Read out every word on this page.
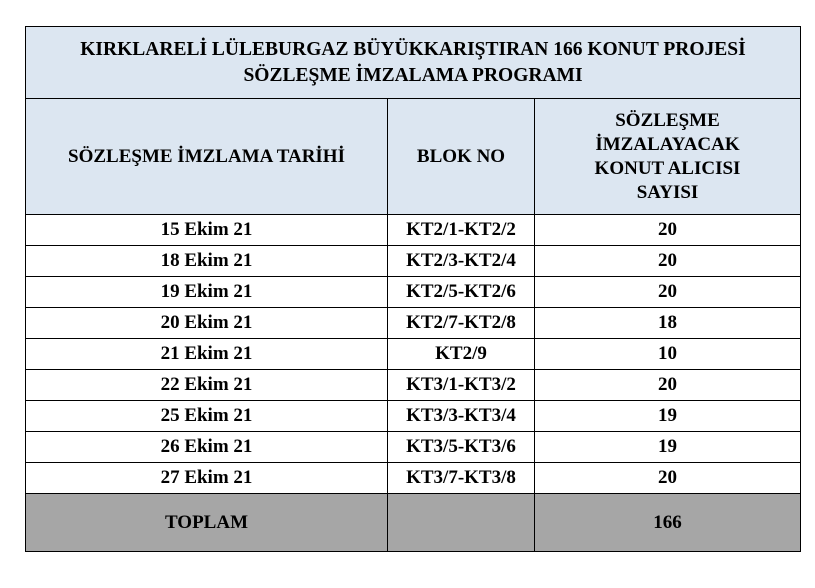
KIRKLARELİ LÜLEBURGAZ BÜYÜKKARIŞTIRAN 166 KONUT PROJESİ
SÖZLEŞME İMZALAMA PROGRAMI		

SÖZLEŞME İMZLAMA TARİHİ	BLOK NO	SÖZLEŞME
İMZALAYACAK
KONUT ALICISI
SAYISI

15 Ekim 21	KT2/1-KT2/2	20
18 Ekim 21	KT2/3-KT2/4	20
19 Ekim 21	KT2/5-KT2/6	20
20 Ekim 21	KT2/7-KT2/8	18
21 Ekim 21	KT2/9	10
22 Ekim 21	KT3/1-KT3/2	20
25 Ekim 21	KT3/3-KT3/4	19
26 Ekim 21	KT3/5-KT3/6	19
27 Ekim 21	KT3/7-KT3/8	20
TOPLAM		166
